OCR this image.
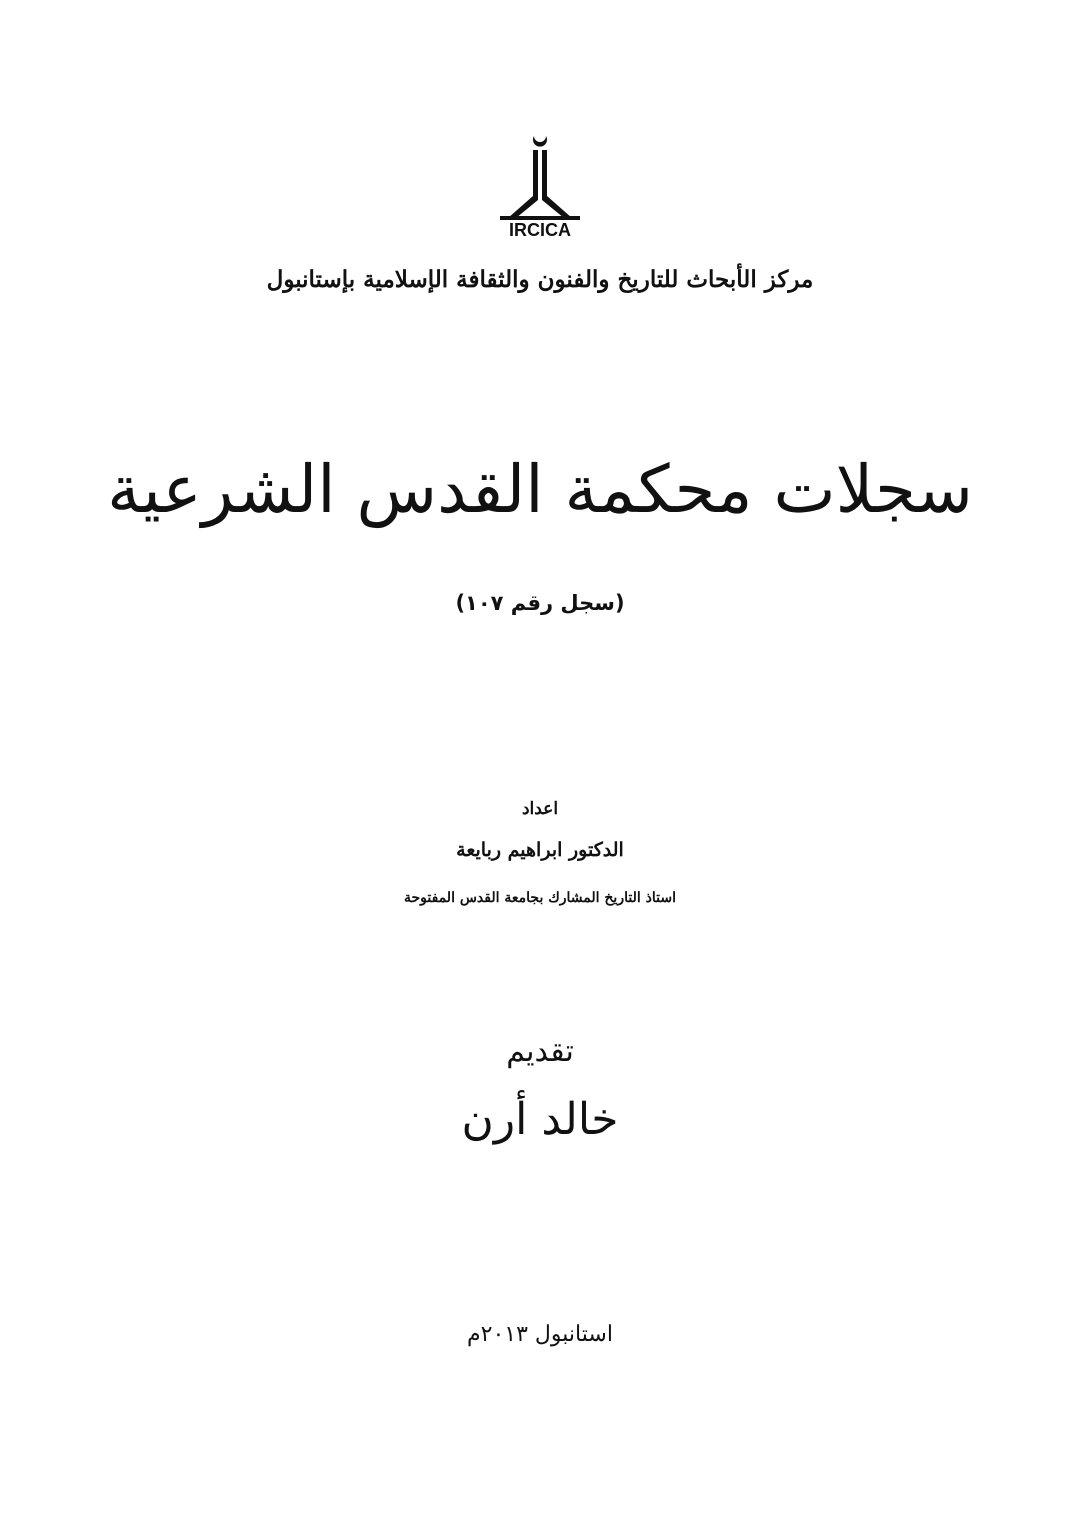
IRCICA
مركز الأبحاث للتاريخ والفنون والثقافة الإسلامية بإستانبول
سجلات محكمة القدس الشرعية
(سجل رقم ١٠٧)
اعداد
الدكتور ابراهيم ربايعة
استاذ التاريخ المشارك بجامعة القدس المفتوحة
تقديم
خالد أرن
استانبول ٢٠١٣م
